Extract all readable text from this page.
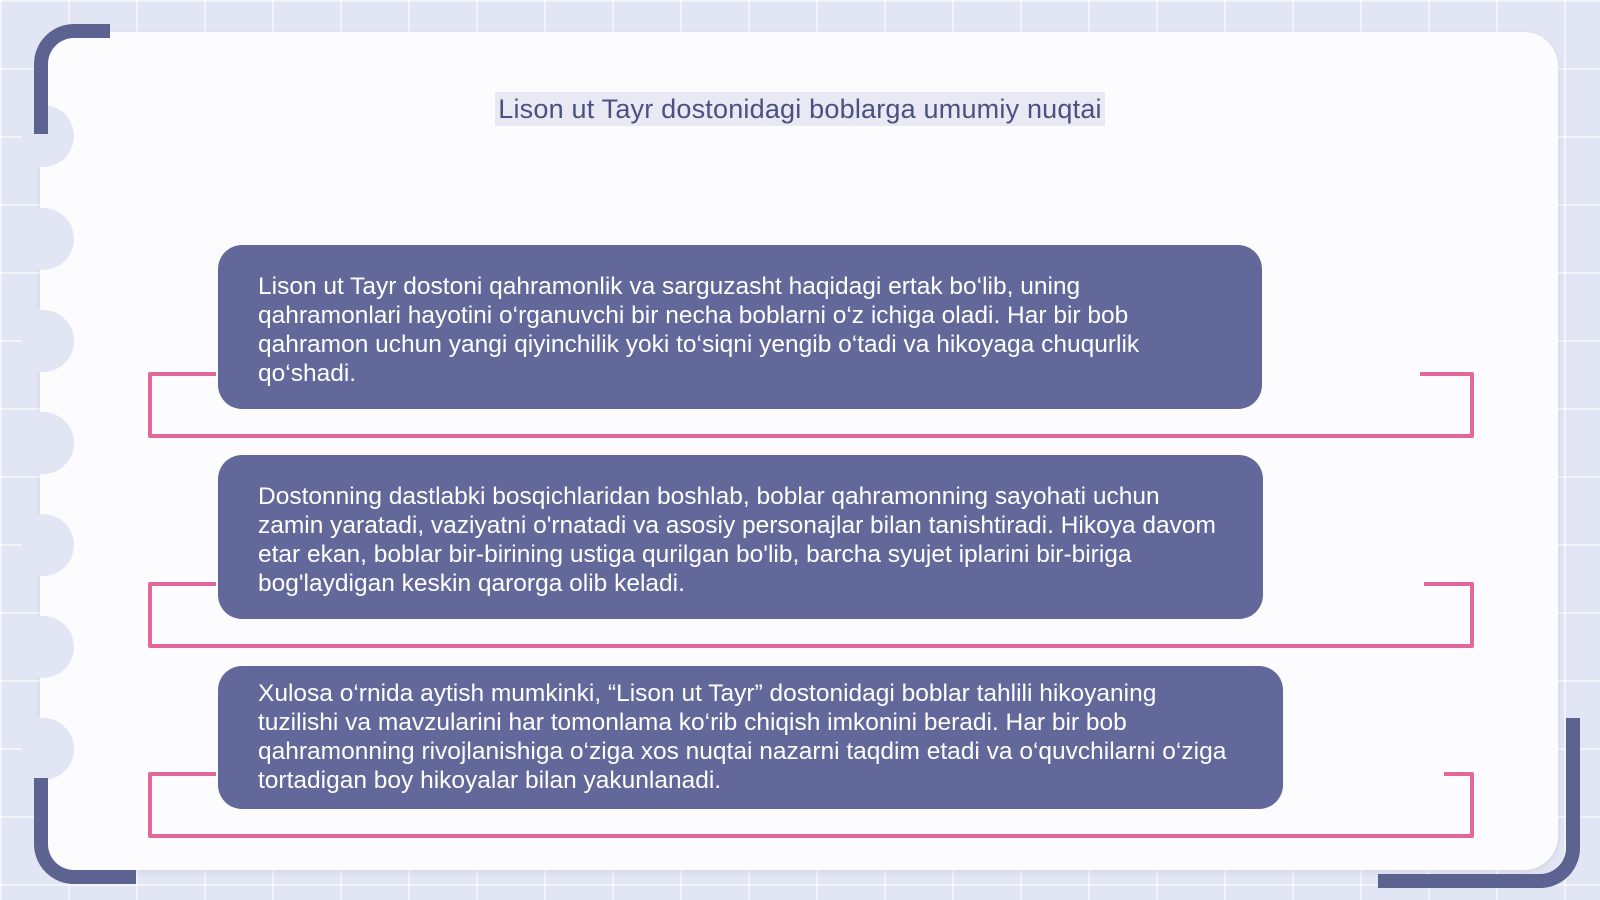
Lison ut Tayr dostonidagi boblarga umumiy nuqtai
Lison ut Tayr dostoni qahramonlik va sarguzasht haqidagi ertak bo‘lib, uning qahramonlari hayotini o‘rganuvchi bir necha boblarni o‘z ichiga oladi. Har bir bob qahramon uchun yangi qiyinchilik yoki to‘siqni yengib o‘tadi va hikoyaga chuqurlik qo‘shadi.
Dostonning dastlabki bosqichlaridan boshlab, boblar qahramonning sayohati uchun zamin yaratadi, vaziyatni o'rnatadi va asosiy personajlar bilan tanishtiradi. Hikoya davom etar ekan, boblar bir-birining ustiga qurilgan bo'lib, barcha syujet iplarini bir-biriga bog'laydigan keskin qarorga olib keladi.
Xulosa o‘rnida aytish mumkinki, “Lison ut Tayr” dostonidagi boblar tahlili hikoyaning tuzilishi va mavzularini har tomonlama ko‘rib chiqish imkonini beradi. Har bir bob qahramonning rivojlanishiga o‘ziga xos nuqtai nazarni taqdim etadi va o‘quvchilarni o‘ziga tortadigan boy hikoyalar bilan yakunlanadi.
